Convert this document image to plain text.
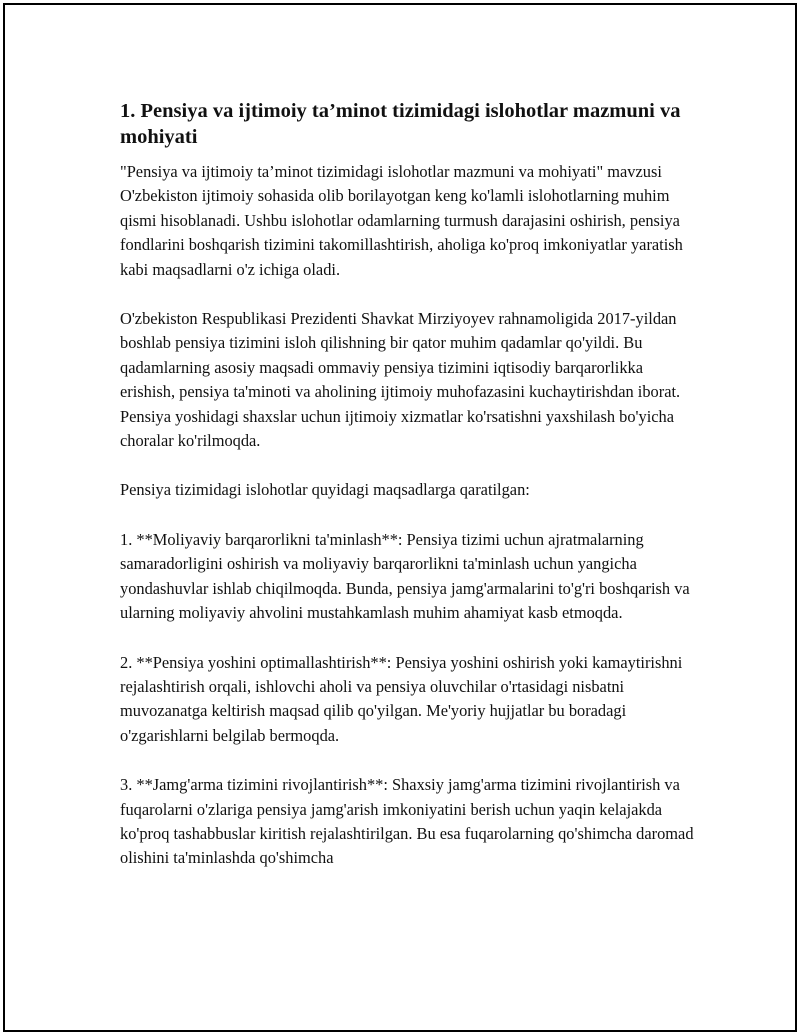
1. Pensiya va ijtimoiy ta’minot tizimidagi islohotlar mazmuni va mohiyati

"Pensiya va ijtimoiy ta’minot tizimidagi islohotlar mazmuni va mohiyati" mavzusi O'zbekiston ijtimoiy sohasida olib borilayotgan keng ko'lamli islohotlarning muhim qismi hisoblanadi. Ushbu islohotlar odamlarning turmush darajasini oshirish, pensiya fondlarini boshqarish tizimini takomillashtirish, aholiga ko'proq imkoniyatlar yaratish kabi maqsadlarni o'z ichiga oladi.

O'zbekiston Respublikasi Prezidenti Shavkat Mirziyoyev rahnamoligida 2017-yildan boshlab pensiya tizimini isloh qilishning bir qator muhim qadamlar qo'yildi. Bu qadamlarning asosiy maqsadi ommaviy pensiya tizimini iqtisodiy barqarorlikka erishish, pensiya ta'minoti va aholining ijtimoiy muhofazasini kuchaytirishdan iborat. Pensiya yoshidagi shaxslar uchun ijtimoiy xizmatlar ko'rsatishni yaxshilash bo'yicha choralar ko'rilmoqda.

Pensiya tizimidagi islohotlar quyidagi maqsadlarga qaratilgan:

1. **Moliyaviy barqarorlikni ta'minlash**: Pensiya tizimi uchun ajratmalarning samaradorligini oshirish va moliyaviy barqarorlikni ta'minlash uchun yangicha yondashuvlar ishlab chiqilmoqda. Bunda, pensiya jamg'armalarini to'g'ri boshqarish va ularning moliyaviy ahvolini mustahkamlash muhim ahamiyat kasb etmoqda.

2. **Pensiya yoshini optimallashtirish**: Pensiya yoshini oshirish yoki kamaytirishni rejalashtirish orqali, ishlovchi aholi va pensiya oluvchilar o'rtasidagi nisbatni muvozanatga keltirish maqsad qilib qo'yilgan. Me'yoriy hujjatlar bu boradagi o'zgarishlarni belgilab bermoqda.

3. **Jamg'arma tizimini rivojlantirish**: Shaxsiy jamg'arma tizimini rivojlantirish va fuqarolarni o'zlariga pensiya jamg'arish imkoniyatini berish uchun yaqin kelajakda ko'proq tashabbuslar kiritish rejalashtirilgan. Bu esa fuqarolarning qo'shimcha daromad olishini ta'minlashda qo'shimcha
